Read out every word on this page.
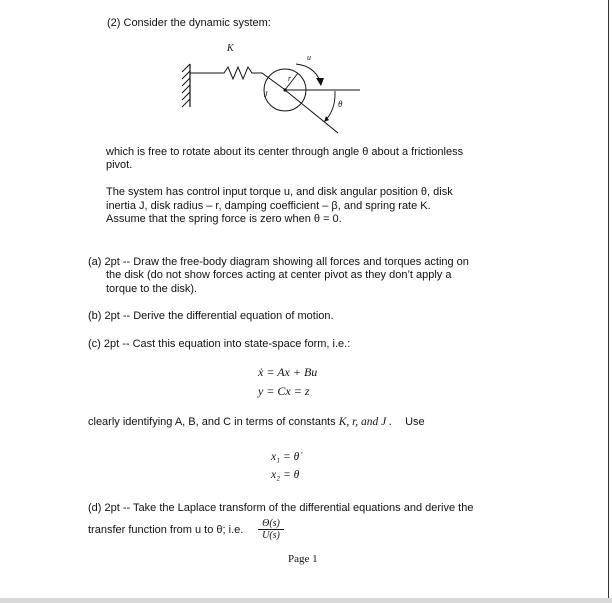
(2) Consider the dynamic system:
K
u
J
r
θ
which is free to rotate about its center through angle θ about a frictionless
pivot.
The system has control input torque u, and disk angular position θ, disk
inertia J, disk radius – r, damping coefficient – β, and spring rate K.
Assume that the spring force is zero when θ = 0.
(a) 2pt -- Draw the free-body diagram showing all forces and torques acting on
the disk (do not show forces acting at center pivot as they don’t apply a
torque to the disk).
(b) 2pt -- Derive the differential equation of motion.
(c) 2pt -- Cast this equation into state-space form, i.e.:
ẋ = Ax + Bu
y = Cx = z
clearly identifying A, B, and C in terms of constants K, r, and J . Use
x₁ = θ̇
x₂ = θ
(d) 2pt -- Take the Laplace transform of the differential equations and derive the
transfer function from u to θ; i.e. $\frac{\Theta(s)}{U(s)}$
Page 1
